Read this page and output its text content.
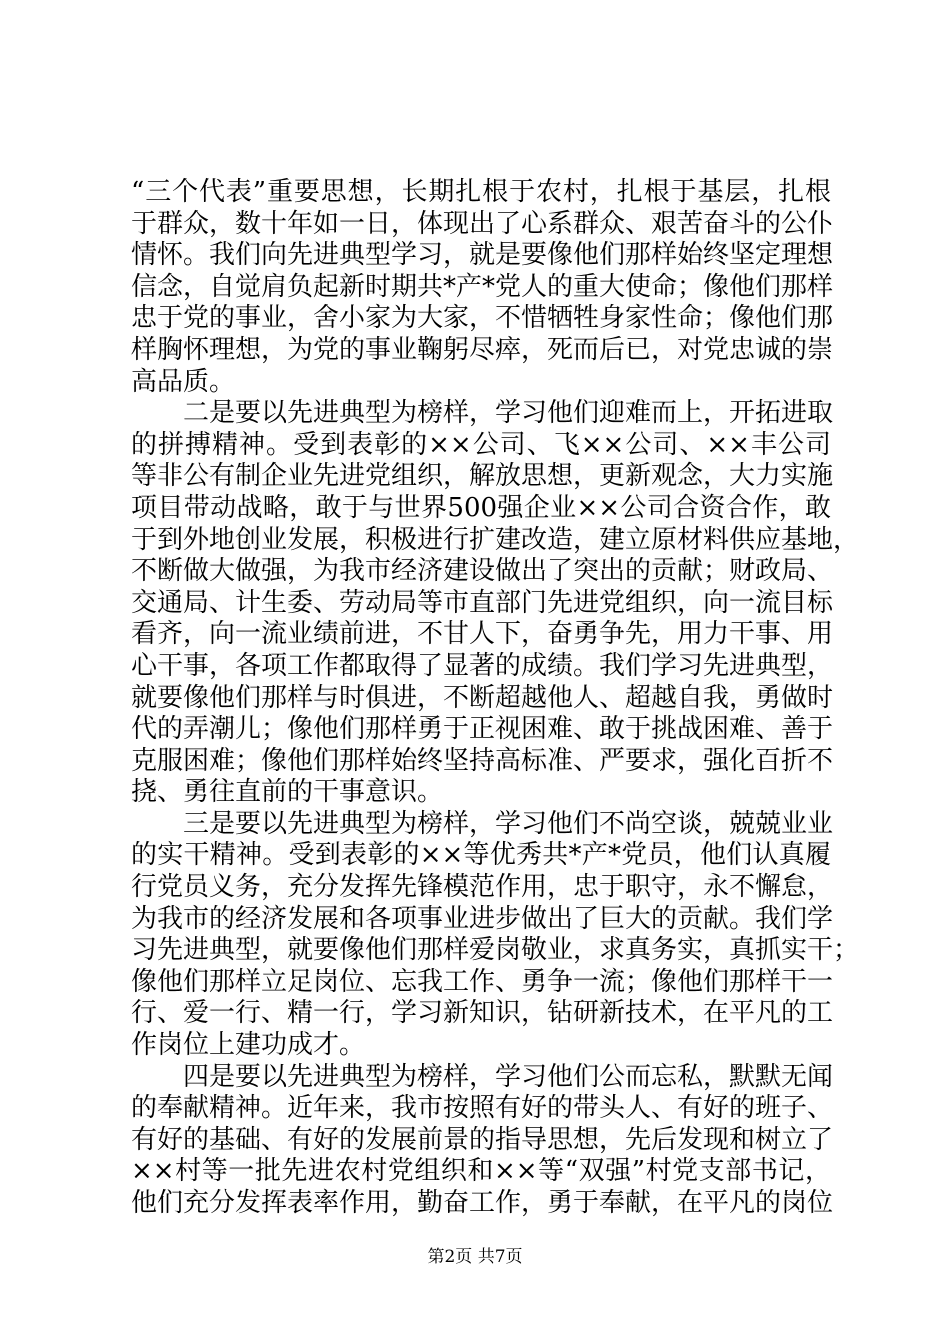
“三个代表”重要思想，长期扎根于农村，扎根于基层，扎根
于群众，数十年如一日，体现出了心系群众、艰苦奋斗的公仆
情怀。我们向先进典型学习，就是要像他们那样始终坚定理想
信念，自觉肩负起新时期共*产*党人的重大使命；像他们那样
忠于党的事业，舍小家为大家，不惜牺牲身家性命；像他们那
样胸怀理想，为党的事业鞠躬尽瘁，死而后已，对党忠诚的崇
高品质。
二是要以先进典型为榜样，学习他们迎难而上，开拓进取
的拼搏精神。受到表彰的××公司、飞××公司、××丰公司
等非公有制企业先进党组织，解放思想，更新观念，大力实施
项目带动战略，敢于与世界500强企业××公司合资合作，敢
于到外地创业发展，积极进行扩建改造，建立原材料供应基地，
不断做大做强，为我市经济建设做出了突出的贡献；财政局、
交通局、计生委、劳动局等市直部门先进党组织，向一流目标
看齐，向一流业绩前进，不甘人下，奋勇争先，用力干事、用
心干事，各项工作都取得了显著的成绩。我们学习先进典型，
就要像他们那样与时俱进，不断超越他人、超越自我，勇做时
代的弄潮儿；像他们那样勇于正视困难、敢于挑战困难、善于
克服困难；像他们那样始终坚持高标准、严要求，强化百折不
挠、勇往直前的干事意识。
三是要以先进典型为榜样，学习他们不尚空谈，兢兢业业
的实干精神。受到表彰的××等优秀共*产*党员，他们认真履
行党员义务，充分发挥先锋模范作用，忠于职守，永不懈怠，
为我市的经济发展和各项事业进步做出了巨大的贡献。我们学
习先进典型，就要像他们那样爱岗敬业，求真务实，真抓实干；
像他们那样立足岗位、忘我工作、勇争一流；像他们那样干一
行、爱一行、精一行，学习新知识，钻研新技术，在平凡的工
作岗位上建功成才。
四是要以先进典型为榜样，学习他们公而忘私，默默无闻
的奉献精神。近年来，我市按照有好的带头人、有好的班子、
有好的基础、有好的发展前景的指导思想，先后发现和树立了
××村等一批先进农村党组织和××等“双强”村党支部书记，
他们充分发挥表率作用，勤奋工作，勇于奉献，在平凡的岗位
第2页 共7页
